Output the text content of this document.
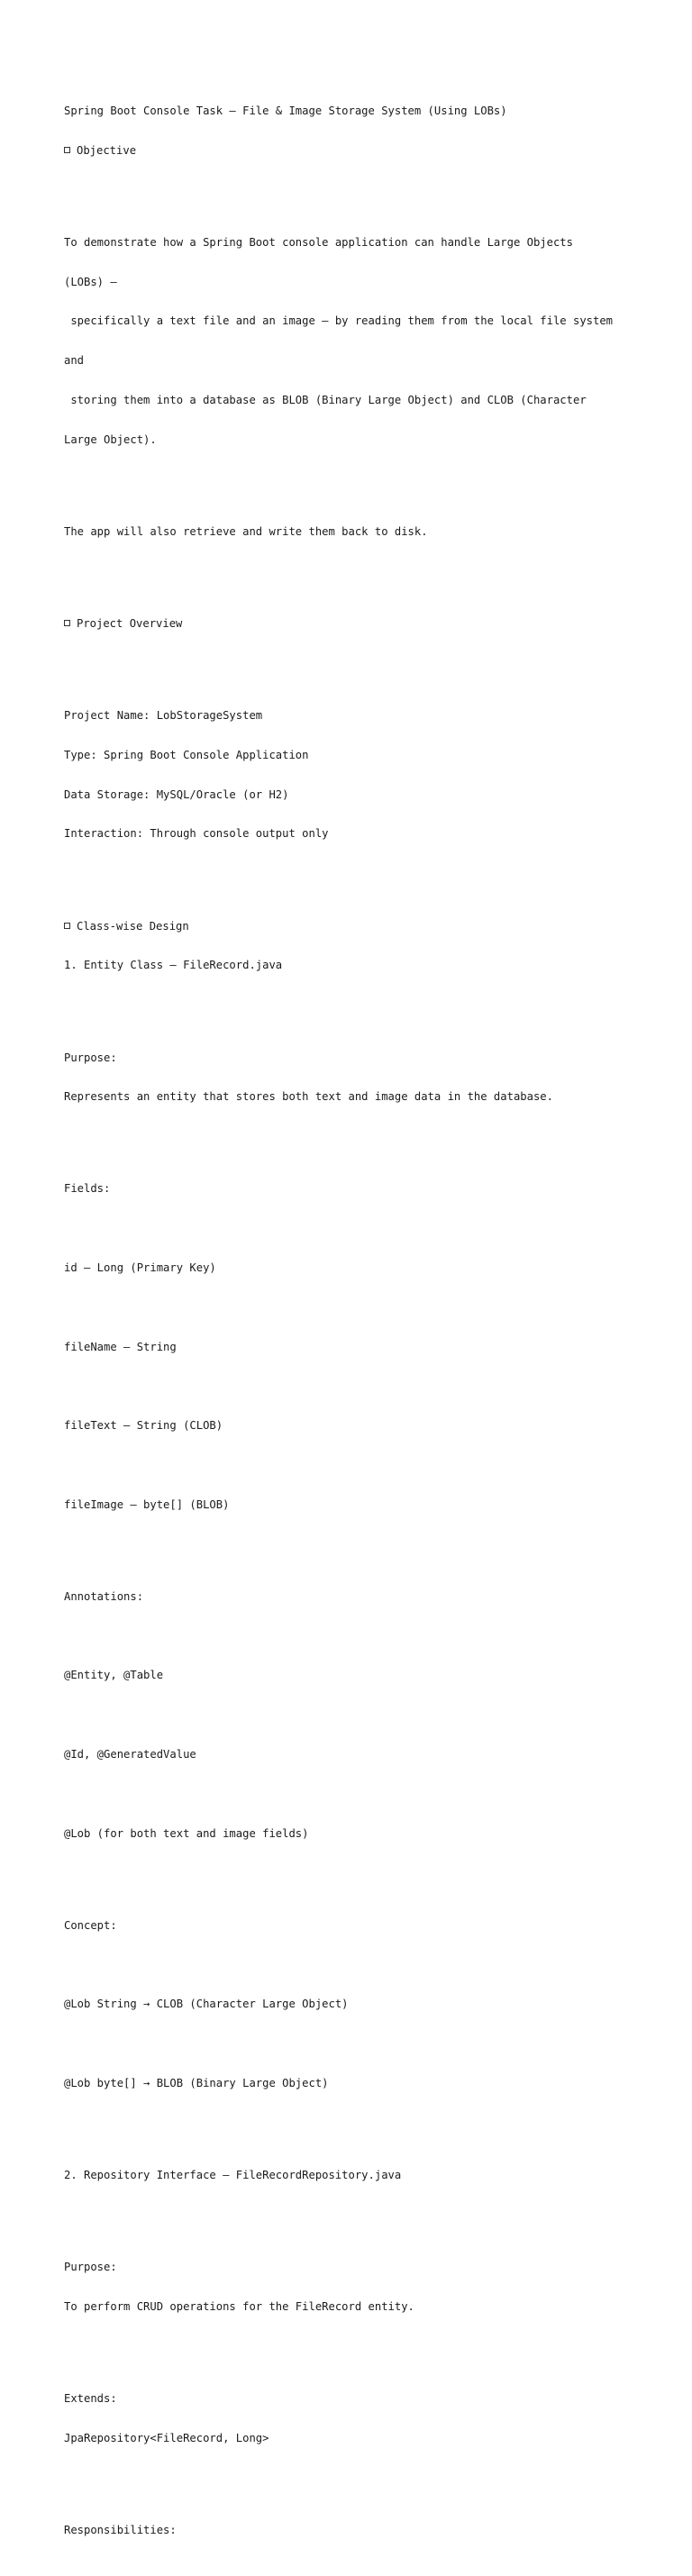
Spring Boot Console Task — File & Image Storage System (Using LOBs)

Objective

To demonstrate how a Spring Boot console application can handle Large Objects

(LOBs) —

specifically a text file and an image — by reading them from the local file system

and

storing them into a database as BLOB (Binary Large Object) and CLOB (Character

Large Object).

The app will also retrieve and write them back to disk.

Project Overview

Project Name: LobStorageSystem

Type: Spring Boot Console Application

Data Storage: MySQL/Oracle (or H2)

Interaction: Through console output only

Class-wise Design

1. Entity Class — FileRecord.java

Purpose:

Represents an entity that stores both text and image data in the database.

Fields:

id — Long (Primary Key)

fileName — String

fileText — String (CLOB)

fileImage — byte[] (BLOB)

Annotations:

@Entity, @Table

@Id, @GeneratedValue

@Lob (for both text and image fields)

Concept:

@Lob String → CLOB (Character Large Object)

@Lob byte[] → BLOB (Binary Large Object)

2. Repository Interface — FileRecordRepository.java

Purpose:

To perform CRUD operations for the FileRecord entity.

Extends:

JpaRepository<FileRecord, Long>

Responsibilities:
